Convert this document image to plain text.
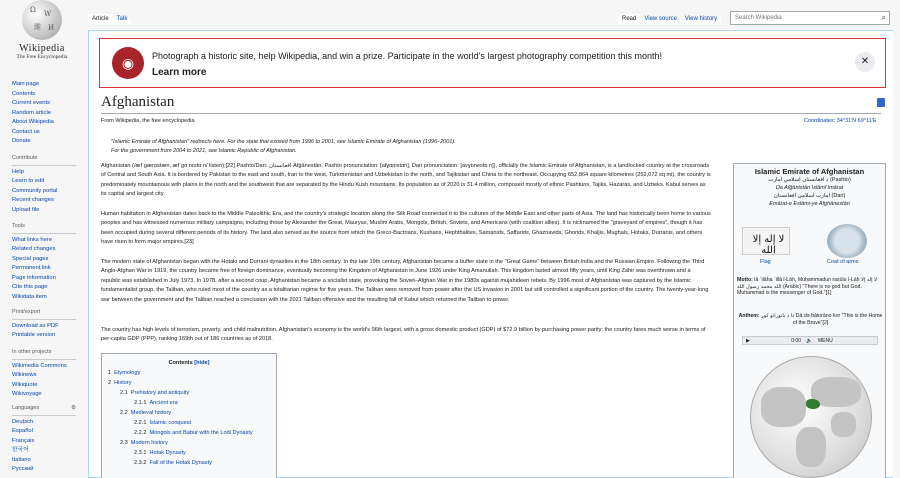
Ω W
維 И
Wikipedia
The Free Encyclopedia
Main page
Contents
Current events
Random article
About Wikipedia
Contact us
Donate
Contribute
Help
Learn to edit
Community portal
Recent changes
Upload file
Tools
What links here
Related changes
Special pages
Permanent link
Page information
Cite this page
Wikidata item
Print/export
Download as PDF
Printable version
In other projects
Wikimedia Commons
Wikinews
Wikiquote
Wikivoyage
Languages	⚙
Deutsch
Español
Français
한국어
Italiano
Русский
Article	Talk	Read	View source	View history	Search Wikipedia	⌕
◉	Photograph a historic site, help Wikipedia, and win a prize. Participate in the world's largest photography competition this month!
Learn more
✕
Afghanistan
From Wikipedia, the free encyclopedia	Coordinates: 34°31′N 69°11′E
"Islamic Emirate of Afghanistan" redirects here. For the state that existed from 1996 to 2001, see Islamic Emirate of Afghanistan (1996–2001).
For the government from 2004 to 2021, see Islamic Republic of Afghanistan.
Afghanistan (/æfˈɡænɪstæn, æfˈɡɑːnɪstɑːn/ listen);[22] Pashto/Dari: افغانستان Afġānestān, Pashto pronunciation: [afɣɑnistɑn], Dari pronunciation: [avɣɒnestɒːn]), officially the Islamic Emirate of Afghanistan, is a landlocked country at the crossroads of Central and South Asia. It is bordered by Pakistan to the east and south, Iran to the west, Turkmenistan and Uzbekistan to the north, and Tajikistan and China to the northeast. Occupying 652,864 square kilometres (252,072 sq mi), the country is predominately mountainous with plains in the north and the southwest that are separated by the Hindu Kush mountains. Its population as of 2020 is 31.4 million, composed mostly of ethnic Pashtuns, Tajiks, Hazaras, and Uzbeks. Kabul serves as its capital and largest city.
Human habitation in Afghanistan dates back to the Middle Paleolithic Era, and the country's strategic location along the Silk Road connected it to the cultures of the Middle East and other parts of Asia. The land has historically been home to various peoples and has witnessed numerous military campaigns, including those by Alexander the Great, Mauryas, Muslim Arabs, Mongols, British, Soviets, and Americans (with coalition allies). It is nicknamed the "graveyard of empires", though it has been occupied during several different periods of its history. The land also served as the source from which the Greco-Bactrians, Kushans, Hephthalites, Samanids, Saffarids, Ghaznavids, Ghorids, Khaljis, Mughals, Hotaks, Durranis, and others have risen to form major empires.[23]
The modern state of Afghanistan began with the Hotaki and Durrani dynasties in the 18th century. In the late 19th century, Afghanistan became a buffer state in the "Great Game" between British India and the Russian Empire. Following the Third Anglo-Afghan War in 1919, the country became free of foreign dominance, eventually becoming the Kingdom of Afghanistan in June 1926 under King Amanullah. This kingdom lasted almost fifty years, until King Zahir was overthrown and a republic was established in July 1973. In 1978, after a second coup, Afghanistan became a socialist state, provoking the Soviet–Afghan War in the 1980s against mujahideen rebels. By 1996 most of Afghanistan was captured by the Islamic fundamentalist group, the Taliban, who ruled most of the country as a totalitarian regime for five years. The Taliban were removed from power after the US invasion in 2001 but still controlled a significant portion of the country. The twenty-year-long war between the government and the Taliban reached a conclusion with the 2021 Taliban offensive and the resulting fall of Kabul which returned the Taliban to power.
The country has high levels of terrorism, poverty, and child malnutrition. Afghanistan's economy is the world's 96th largest, with a gross domestic product (GDP) of $72.9 billion by purchasing power parity; the country fares much worse in terms of per-capita GDP (PPP), ranking 169th out of 186 countries as of 2018.
Contents [hide]
1 Etymology
2 History
2.1 Prehistory and antiquity
2.1.1 Ancient era
2.2 Medieval history
2.2.1 Islamic conquest
2.2.2 Mongols and Babur with the Lodi Dynasty
2.3 Modern history
2.3.1 Hotak Dynasty
2.3.2 Fall of the Hotak Dynasty
Islamic Emirate of Afghanistan
د افغانستان اسلامي امارت (Pashto)
Da Afğānistān Islāmī Imārat
امارت اسلامی افغانستان (Dari)
Emārat-e Eslāmi-ye Afghānestān
لا إله إلا الله
Flag	Coat of arms
Motto: lā ʾilāha ʾillā l-Lāh, Muḥammadun rasūlu l-Lāh لا إله إلا الله محمد رسول الله (Arabic) "There is no god but God. Muhammad is the messenger of God."[1]
Anthem: دا د باتورانو کور Dā də bātorāno kor "This is the Home of the Brave"[2]
▶	0:00 🔈 MENU
